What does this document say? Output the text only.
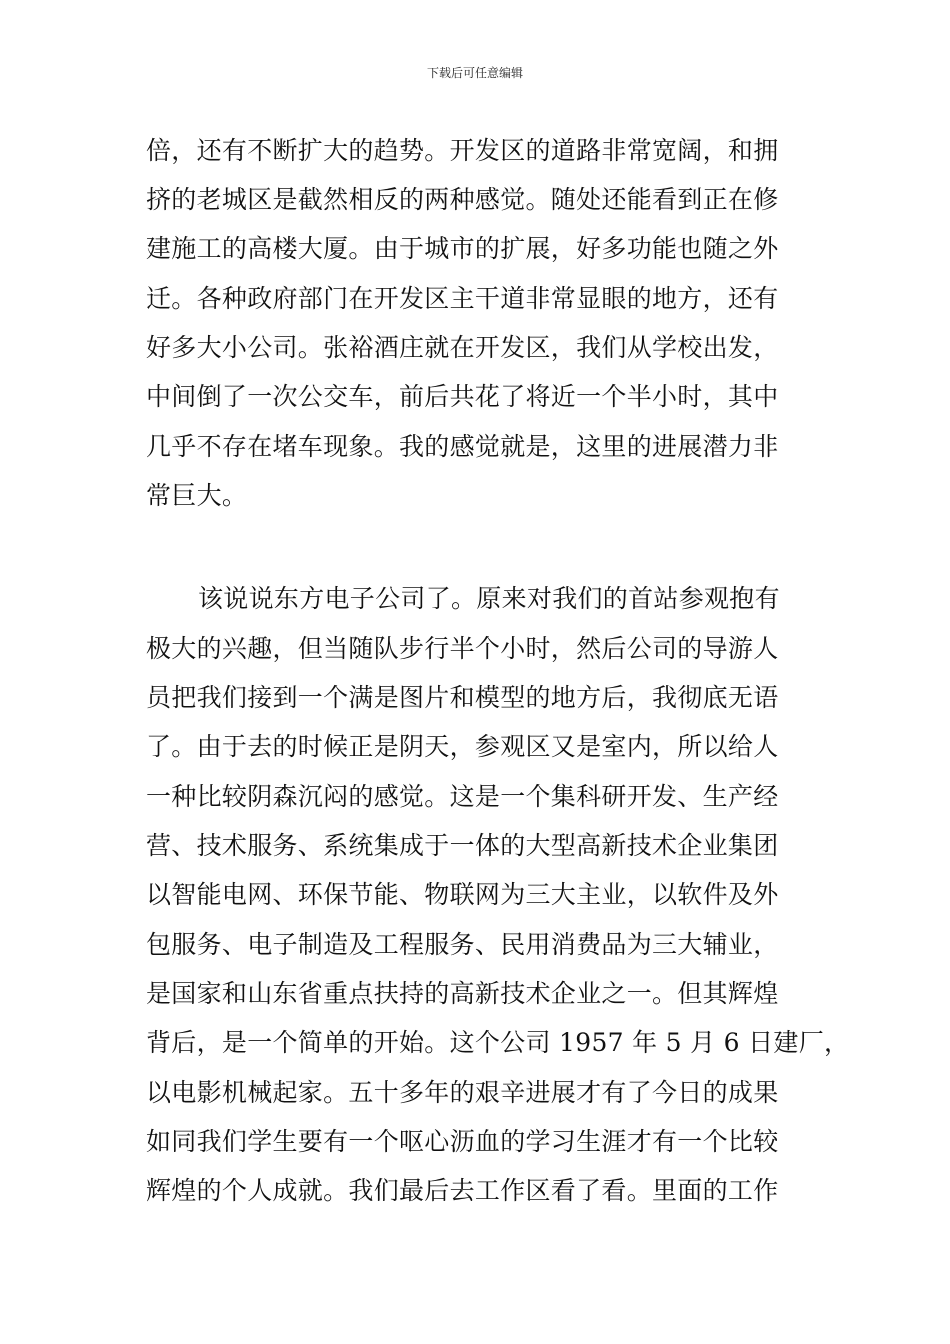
下载后可任意编辑
倍，还有不断扩大的趋势。开发区的道路非常宽阔，和拥
挤的老城区是截然相反的两种感觉。随处还能看到正在修
建施工的高楼大厦。由于城市的扩展，好多功能也随之外
迁。各种政府部门在开发区主干道非常显眼的地方，还有
好多大小公司。张裕酒庄就在开发区，我们从学校出发，
中间倒了一次公交车，前后共花了将近一个半小时，其中
几乎不存在堵车现象。我的感觉就是，这里的进展潜力非
常巨大。
该说说东方电子公司了。原来对我们的首站参观抱有
极大的兴趣，但当随队步行半个小时，然后公司的导游人
员把我们接到一个满是图片和模型的地方后，我彻底无语
了。由于去的时候正是阴天，参观区又是室内，所以给人
一种比较阴森沉闷的感觉。这是一个集科研开发、生产经
营、技术服务、系统集成于一体的大型高新技术企业集团
以智能电网、环保节能、物联网为三大主业，以软件及外
包服务、电子制造及工程服务、民用消费品为三大辅业，
是国家和山东省重点扶持的高新技术企业之一。但其辉煌
背后，是一个简单的开始。这个公司 1957 年 5 月 6 日建厂，
以电影机械起家。五十多年的艰辛进展才有了今日的成果
如同我们学生要有一个呕心沥血的学习生涯才有一个比较
辉煌的个人成就。我们最后去工作区看了看。里面的工作
